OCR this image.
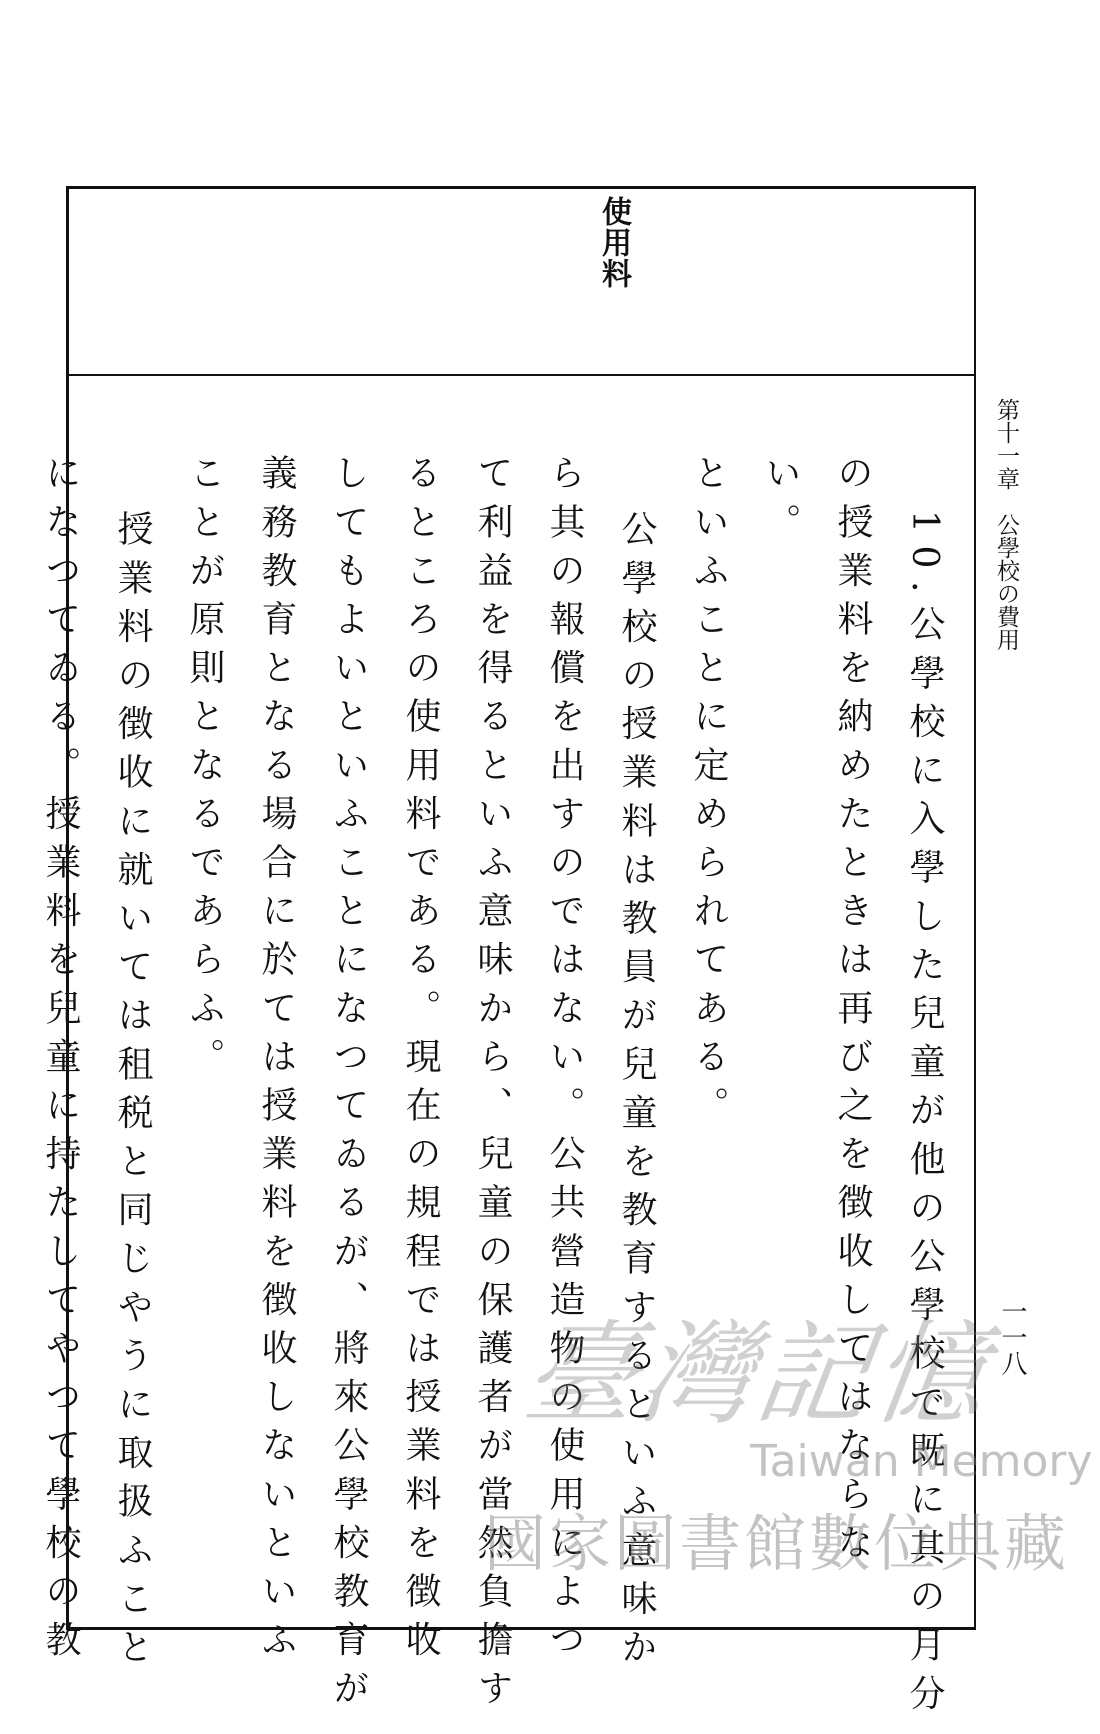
使用料
第十一章　公學校の費用
一一八
10.公學校に入學した兒童が他の公學校で既に其の月分
の授業料を納めたときは再び之を徴收してはならな
い。
といふことに定められてある。
公學校の授業料は教員が兒童を教育するといふ意味か
ら其の報償を出すのではない。公共營造物の使用によつ
て利益を得るといふ意味から、兒童の保護者が當然負擔す
るところの使用料である。現在の規程では授業料を徴收
してもよいといふことになつてゐるが、將來公學校教育が
義務教育となる場合に於ては授業料を徴收しないといふ
ことが原則となるであらふ。
授業料の徴收に就いては租税と同じやうに取扱ふこと
になつてゐる。授業料を兒童に持たしてやつて學校の教	臺灣記憶
Taiwan Memory
國家圖書館數位典藏
